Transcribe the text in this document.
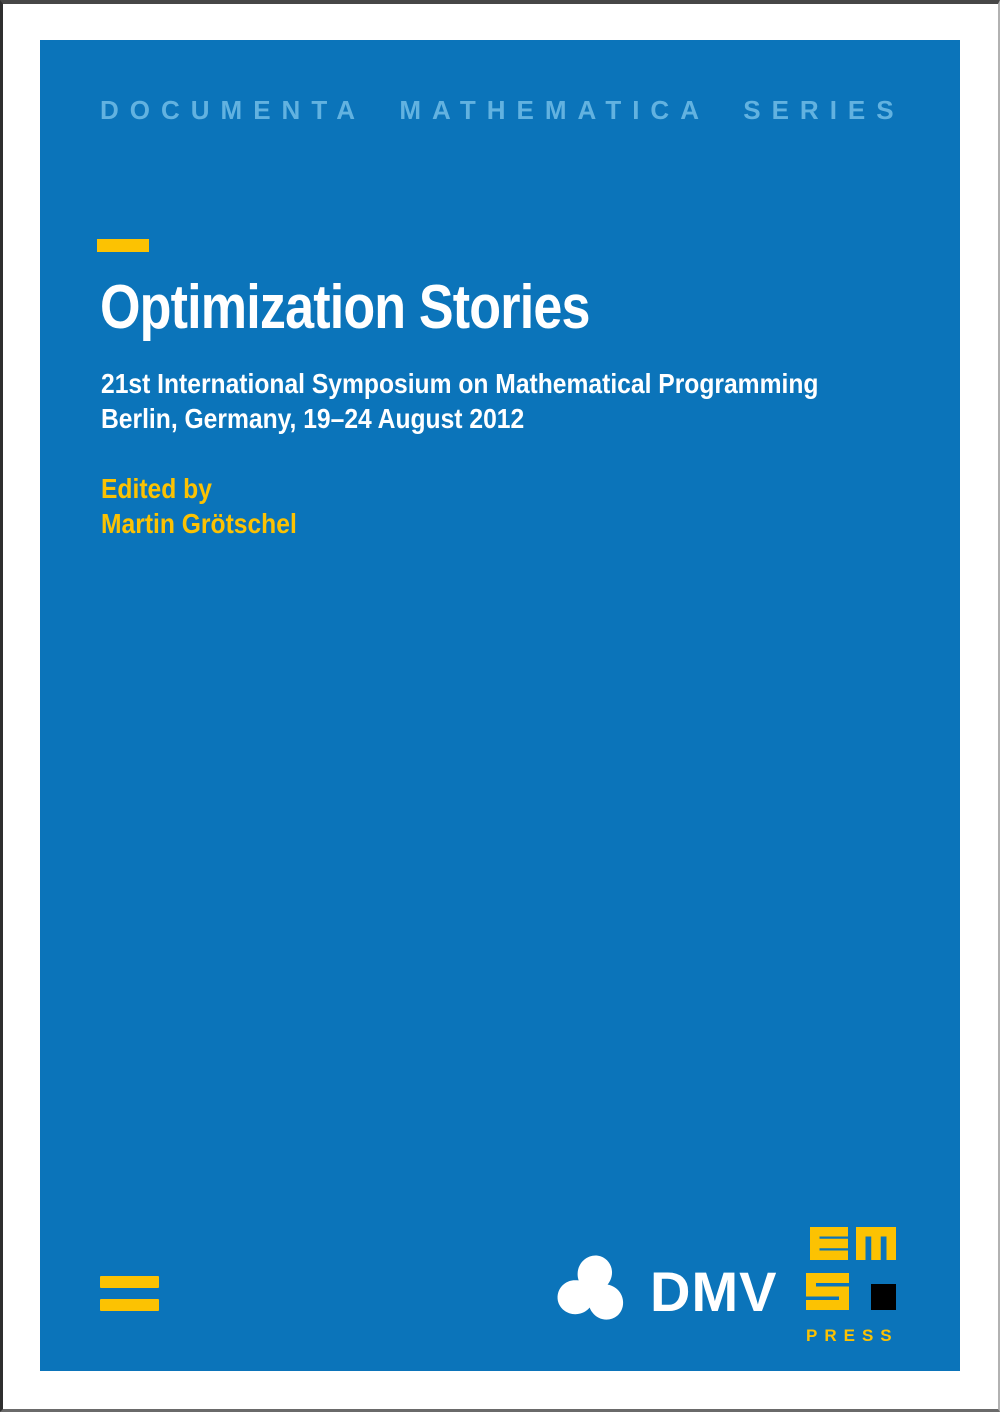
DOCUMENTA MATHEMATICA SERIES
Optimization Stories
21st International Symposium on Mathematical Programming
Berlin, Germany, 19–24 August 2012
Edited by
Martin Grötschel
DMV
PRESS
